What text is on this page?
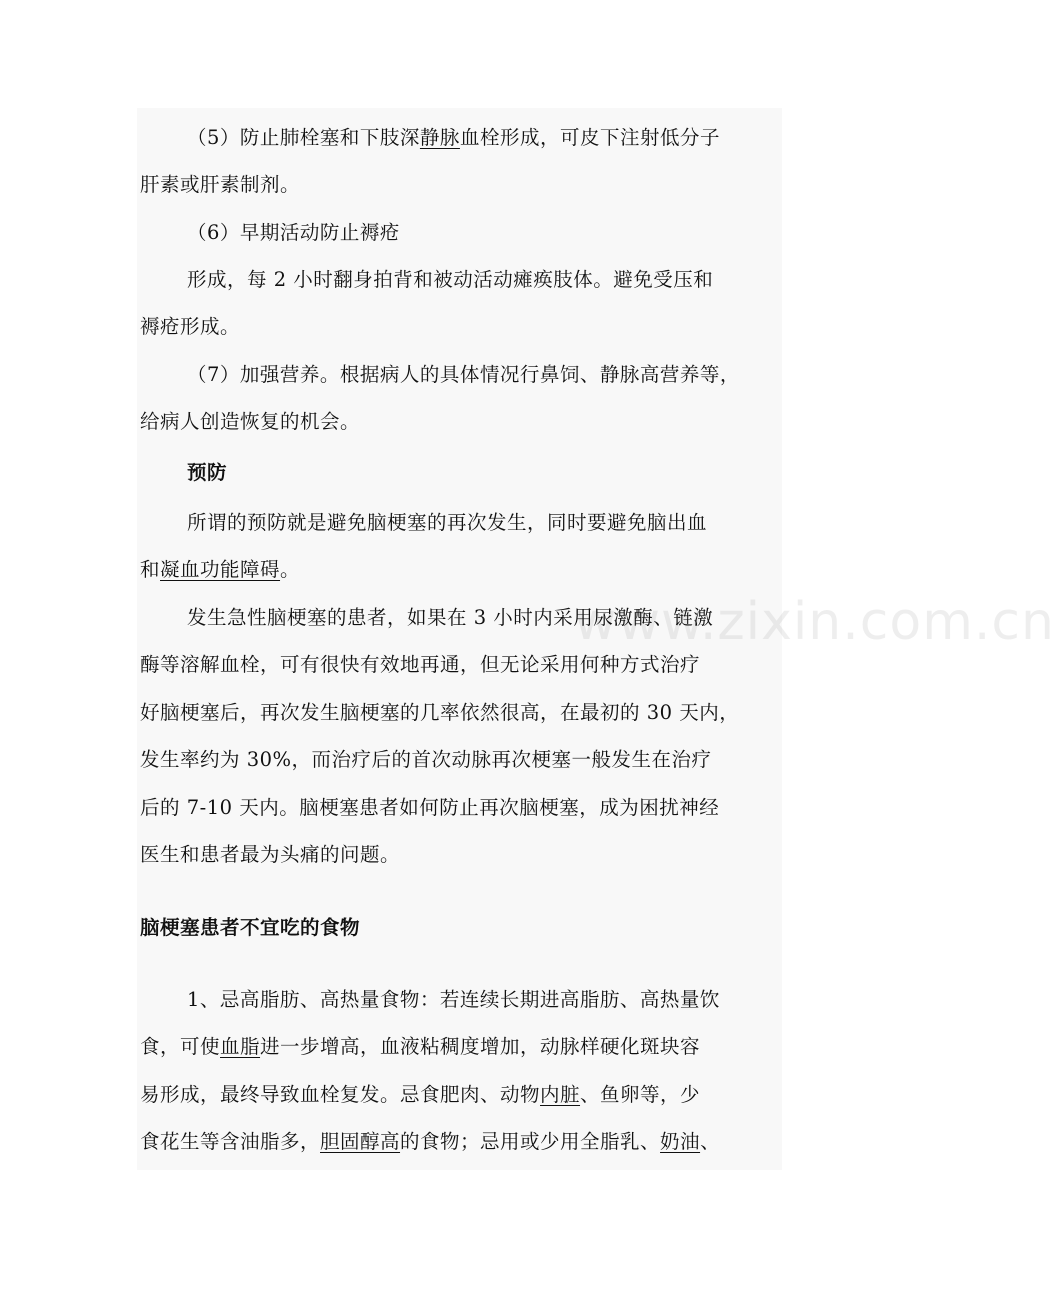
www.zixin.com.cn
（5）防止肺栓塞和下肢深静脉血栓形成，可皮下注射低分子
肝素或肝素制剂。
（6）早期活动防止褥疮
形成，每 2 小时翻身拍背和被动活动瘫痪肢体。避免受压和
褥疮形成。
（7）加强营养。根据病人的具体情况行鼻饲、静脉高营养等，
给病人创造恢复的机会。
预防
所谓的预防就是避免脑梗塞的再次发生，同时要避免脑出血
和凝血功能障碍。
发生急性脑梗塞的患者，如果在 3 小时内采用尿激酶、链激
酶等溶解血栓，可有很快有效地再通，但无论采用何种方式治疗
好脑梗塞后，再次发生脑梗塞的几率依然很高，在最初的 30 天内，
发生率约为 30%，而治疗后的首次动脉再次梗塞一般发生在治疗
后的 7-10 天内。脑梗塞患者如何防止再次脑梗塞，成为困扰神经
医生和患者最为头痛的问题。
脑梗塞患者不宜吃的食物
1、忌高脂肪、高热量食物：若连续长期进高脂肪、高热量饮
食，可使血脂进一步增高，血液粘稠度增加，动脉样硬化斑块容
易形成，最终导致血栓复发。忌食肥肉、动物内脏、鱼卵等，少
食花生等含油脂多，胆固醇高的食物；忌用或少用全脂乳、奶油、
